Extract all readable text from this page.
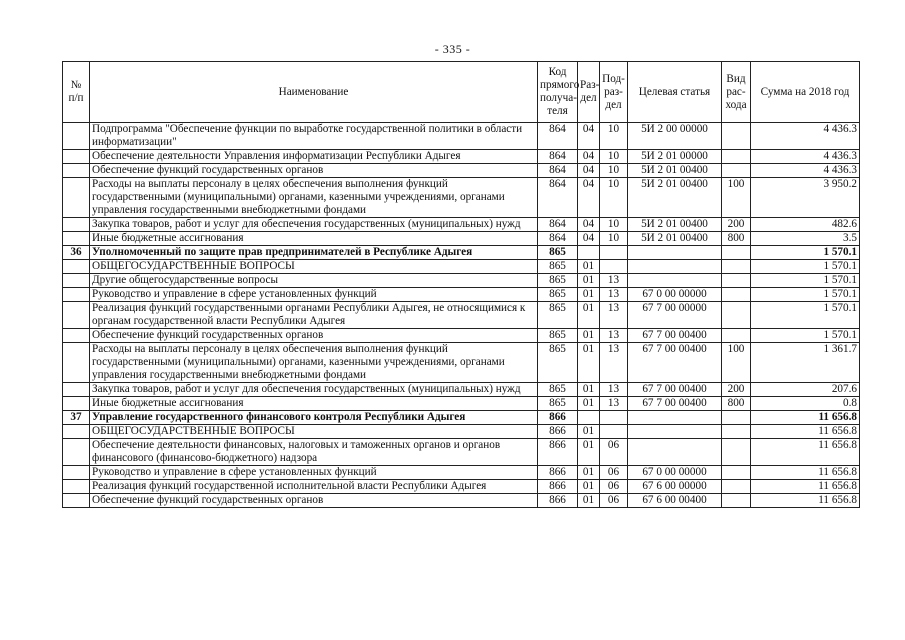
- 335 -
№ п/п	Наименование	Код прямого получа-теля	Раз-дел	Под-раз-дел	Целевая статья	Вид рас-хода	Сумма на 2018 год
	Подпрограмма "Обеспечение функции по выработке государственной политики в области информатизации"	864	04	10	5И 2 00 00000		4 436.3
	Обеспечение деятельности Управления информатизации Республики Адыгея	864	04	10	5И 2 01 00000		4 436.3
	Обеспечение функций государственных органов	864	04	10	5И 2 01 00400		4 436.3
	Расходы на выплаты персоналу в целях обеспечения выполнения функций государственными (муниципальными) органами, казенными учреждениями, органами управления государственными внебюджетными фондами	864	04	10	5И 2 01 00400	100	3 950.2
	Закупка товаров, работ и услуг для обеспечения государственных (муниципальных) нужд	864	04	10	5И 2 01 00400	200	482.6
	Иные бюджетные ассигнования	864	04	10	5И 2 01 00400	800	3.5
36	Уполномоченный по защите прав предпринимателей в Республике Адыгея	865					1 570.1
	ОБЩЕГОСУДАРСТВЕННЫЕ ВОПРОСЫ	865	01				1 570.1
	Другие общегосударственные вопросы	865	01	13			1 570.1
	Руководство и управление в сфере установленных функций	865	01	13	67 0 00 00000		1 570.1
	Реализация функций государственными органами Республики Адыгея, не относящимися к органам государственной власти Республики Адыгея	865	01	13	67 7 00 00000		1 570.1
	Обеспечение функций государственных органов	865	01	13	67 7 00 00400		1 570.1
	Расходы на выплаты персоналу в целях обеспечения выполнения функций государственными (муниципальными) органами, казенными учреждениями, органами управления государственными внебюджетными фондами	865	01	13	67 7 00 00400	100	1 361.7
	Закупка товаров, работ и услуг для обеспечения государственных (муниципальных) нужд	865	01	13	67 7 00 00400	200	207.6
	Иные бюджетные ассигнования	865	01	13	67 7 00 00400	800	0.8
37	Управление государственного финансового контроля Республики Адыгея	866					11 656.8
	ОБЩЕГОСУДАРСТВЕННЫЕ ВОПРОСЫ	866	01				11 656.8
	Обеспечение деятельности финансовых, налоговых и таможенных органов и органов финансового (финансово-бюджетного) надзора	866	01	06			11 656.8
	Руководство и управление в сфере установленных функций	866	01	06	67 0 00 00000		11 656.8
	Реализация функций государственной исполнительной власти Республики Адыгея	866	01	06	67 6 00 00000		11 656.8
	Обеспечение функций государственных органов	866	01	06	67 6 00 00400		11 656.8
